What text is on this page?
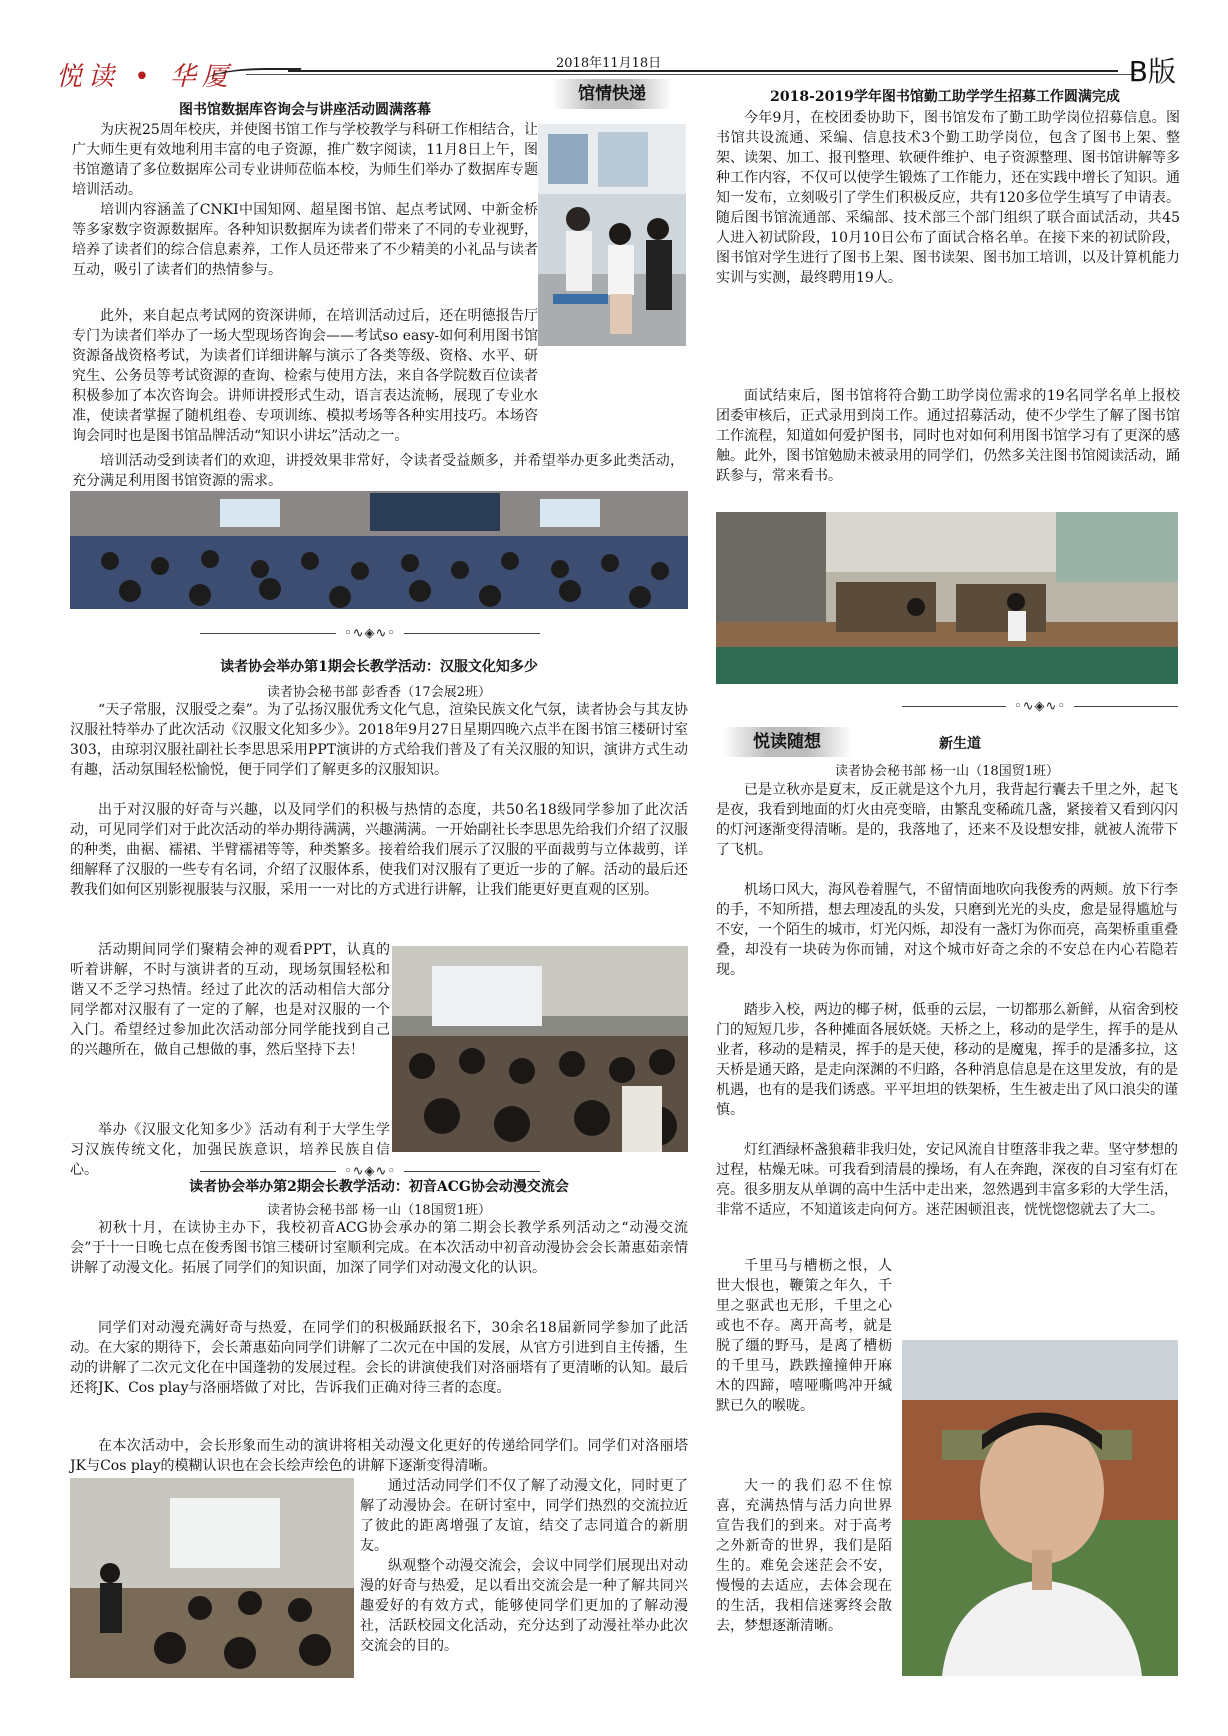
悦读 • 华厦	2018年11月18日	B版
图书馆数据库咨询会与讲座活动圆满落幕
馆情快递
为庆祝25周年校庆，并使图书馆工作与学校教学与科研工作相结合，让广大师生更有效地利用丰富的电子资源，推广数字阅读，11月8日上午，图书馆邀请了多位数据库公司专业讲师莅临本校，为师生们举办了数据库专题培训活动。
培训内容涵盖了CNKI中国知网、超星图书馆、起点考试网、中新金桥等多家数字资源数据库。各种知识数据库为读者们带来了不同的专业视野，培养了读者们的综合信息素养，工作人员还带来了不少精美的小礼品与读者互动，吸引了读者们的热情参与。
此外，来自起点考试网的资深讲师，在培训活动过后，还在明德报告厅专门为读者们举办了一场大型现场咨询会——考试so easy-如何利用图书馆资源备战资格考试，为读者们详细讲解与演示了各类等级、资格、水平、研究生、公务员等考试资源的查询、检索与使用方法，来自各学院数百位读者积极参加了本次咨询会。讲师讲授形式生动，语言表达流畅，展现了专业水准，使读者掌握了随机组卷、专项训练、模拟考场等各种实用技巧。本场咨询会同时也是图书馆品牌活动“知识小讲坛”活动之一。
培训活动受到读者们的欢迎，讲授效果非常好，令读者受益颇多，并希望举办更多此类活动，充分满足利用图书馆资源的需求。
◦∿◈∿◦
读者协会举办第1期会长教学活动：汉服文化知多少
读者协会秘书部 彭香香（17会展2班）
“天子常服，汉服受之秦”。为了弘扬汉服优秀文化气息，渲染民族文化气氛，读者协会与其友协汉服社特举办了此次活动《汉服文化知多少》。2018年9月27日星期四晚六点半在图书馆三楼研讨室303，由琼羽汉服社副社长李思思采用PPT演讲的方式给我们普及了有关汉服的知识，演讲方式生动有趣，活动氛围轻松愉悦，便于同学们了解更多的汉服知识。
出于对汉服的好奇与兴趣，以及同学们的积极与热情的态度，共50名18级同学参加了此次活动，可见同学们对于此次活动的举办期待满满，兴趣满满。一开始副社长李思思先给我们介绍了汉服的种类，曲裾、襦裙、半臂襦裙等等，种类繁多。接着给我们展示了汉服的平面裁剪与立体裁剪，详细解释了汉服的一些专有名词，介绍了汉服体系，使我们对汉服有了更近一步的了解。活动的最后还教我们如何区别影视服装与汉服，采用一一对比的方式进行讲解，让我们能更好更直观的区别。
活动期间同学们聚精会神的观看PPT，认真的听着讲解，不时与演讲者的互动，现场氛围轻松和谐又不乏学习热情。经过了此次的活动相信大部分同学都对汉服有了一定的了解，也是对汉服的一个入门。希望经过参加此次活动部分同学能找到自己的兴趣所在，做自己想做的事，然后坚持下去！
举办《汉服文化知多少》活动有利于大学生学习汉族传统文化，加强民族意识，培养民族自信心。	◦∿◈∿◦
读者协会举办第2期会长教学活动：初音ACG协会动漫交流会
读者协会秘书部 杨一山（18国贸1班）
初秋十月，在读协主办下，我校初音ACG协会承办的第二期会长教学系列活动之“动漫交流会”于十一日晚七点在俊秀图书馆三楼研讨室顺利完成。在本次活动中初音动漫协会会长萧惠茹亲情讲解了动漫文化。拓展了同学们的知识面，加深了同学们对动漫文化的认识。
同学们对动漫充满好奇与热爱，在同学们的积极踊跃报名下，30余名18届新同学参加了此活动。在大家的期待下，会长萧惠茹向同学们讲解了二次元在中国的发展，从官方引进到自主传播，生动的讲解了二次元文化在中国蓬勃的发展过程。会长的讲演使我们对洛丽塔有了更清晰的认知。最后还将JK、Cos play与洛丽塔做了对比，告诉我们正确对待三者的态度。
在本次活动中，会长形象而生动的演讲将相关动漫文化更好的传递给同学们。同学们对洛丽塔JK与Cos play的模糊认识也在会长绘声绘色的讲解下逐渐变得清晰。
通过活动同学们不仅了解了动漫文化，同时更了解了动漫协会。在研讨室中，同学们热烈的交流拉近了彼此的距离增强了友谊，结交了志同道合的新朋友。
纵观整个动漫交流会，会议中同学们展现出对动漫的好奇与热爱，足以看出交流会是一种了解共同兴趣爱好的有效方式，能够使同学们更加的了解动漫社，活跃校园文化活动，充分达到了动漫社举办此次交流会的目的。
2018-2019学年图书馆勤工助学学生招募工作圆满完成
今年9月，在校团委协助下，图书馆发布了勤工助学岗位招募信息。图书馆共设流通、采编、信息技术3个勤工助学岗位，包含了图书上架、整架、读架、加工、报刊整理、软硬件维护、电子资源整理、图书馆讲解等多种工作内容，不仅可以使学生锻炼了工作能力，还在实践中增长了知识。通知一发布，立刻吸引了学生们积极反应，共有120多位学生填写了申请表。随后图书馆流通部、采编部、技术部三个部门组织了联合面试活动，共45人进入初试阶段，10月10日公布了面试合格名单。在接下来的初试阶段，图书馆对学生进行了图书上架、图书读架、图书加工培训，以及计算机能力实训与实测，最终聘用19人。
面试结束后，图书馆将符合勤工助学岗位需求的19名同学名单上报校团委审核后，正式录用到岗工作。通过招募活动，使不少学生了解了图书馆工作流程，知道如何爱护图书，同时也对如何利用图书馆学习有了更深的感触。此外，图书馆勉励未被录用的同学们，仍然多关注图书馆阅读活动，踊跃参与，常来看书。
◦∿◈∿◦
悦读随想	新生道
读者协会秘书部 杨一山（18国贸1班）
已是立秋亦是夏末，反正就是这个九月，我背起行囊去千里之外，起飞是夜，我看到地面的灯火由亮变暗，由繁乱变稀疏几盏，紧接着又看到闪闪的灯河逐渐变得清晰。是的，我落地了，还来不及设想安排，就被人流带下了飞机。
机场口风大，海风卷着腥气，不留情面地吹向我俊秀的两颊。放下行李的手，不知所措，想去理凌乱的头发，只磨到光光的头皮，愈是显得尴尬与不安，一个陌生的城市，灯光闪烁，却没有一盏灯为你而亮，高架桥重重叠叠，却没有一块砖为你而铺，对这个城市好奇之余的不安总在内心若隐若现。
踏步入校，两边的椰子树，低垂的云层，一切都那么新鲜，从宿舍到校门的短短几步，各种摊面各展妖娆。天桥之上，移动的是学生，挥手的是从业者，移动的是精灵，挥手的是天使，移动的是魔鬼，挥手的是潘多拉，这天桥是通天路，是走向深渊的不归路，各种消息信息是在这里发放，有的是机遇，也有的是我们诱惑。平平坦坦的铁架桥，生生被走出了风口浪尖的谨慎。
灯红酒绿杯盏狼藉非我归处，安记风流自甘堕落非我之辈。坚守梦想的过程，枯燥无味。可我看到清晨的操场，有人在奔跑，深夜的自习室有灯在亮。很多朋友从单调的高中生活中走出来，忽然遇到丰富多彩的大学生活，非常不适应，不知道该走向何方。迷茫困顿沮丧，恍恍惚惚就去了大二。
千里马与槽枥之恨，人世大恨也，鞭策之年久，千里之驱武也无形，千里之心或也不存。离开高考，就是脱了缰的野马，是离了槽枥的千里马，跌跌撞撞伸开麻木的四蹄，嘻哑嘶鸣冲开缄默已久的喉咙。
大一的我们忍不住惊喜，充满热情与活力向世界宣告我们的到来。对于高考之外新奇的世界，我们是陌生的。难免会迷茫会不安，慢慢的去适应，去体会现在的生活，我相信迷雾终会散去，梦想逐渐清晰。
